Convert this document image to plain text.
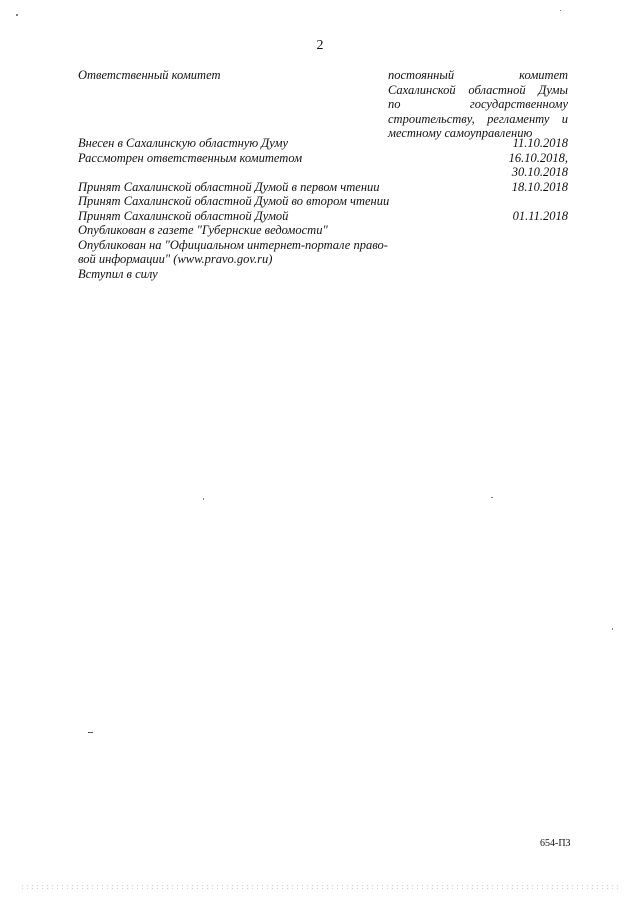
2
Ответственный комитет	постоянный комитет
Сахалинской областной Думы
по государственному
строительству, регламенту и
местному самоуправлению
Внесен в Сахалинскую областную Думу	11.10.2018
Рассмотрен ответственным комитетом	16.10.2018,
30.10.2018
Принят Сахалинской областной Думой в первом чтении	18.10.2018
Принят Сахалинской областной Думой во втором чтении
Принят Сахалинской областной Думой	01.11.2018
Опубликован в газете "Губернские ведомости"
Опубликован на "Официальном интернет-портале право-
вой информации" (www.pravo.gov.ru)
Вступил в силу
654-ПЗ
